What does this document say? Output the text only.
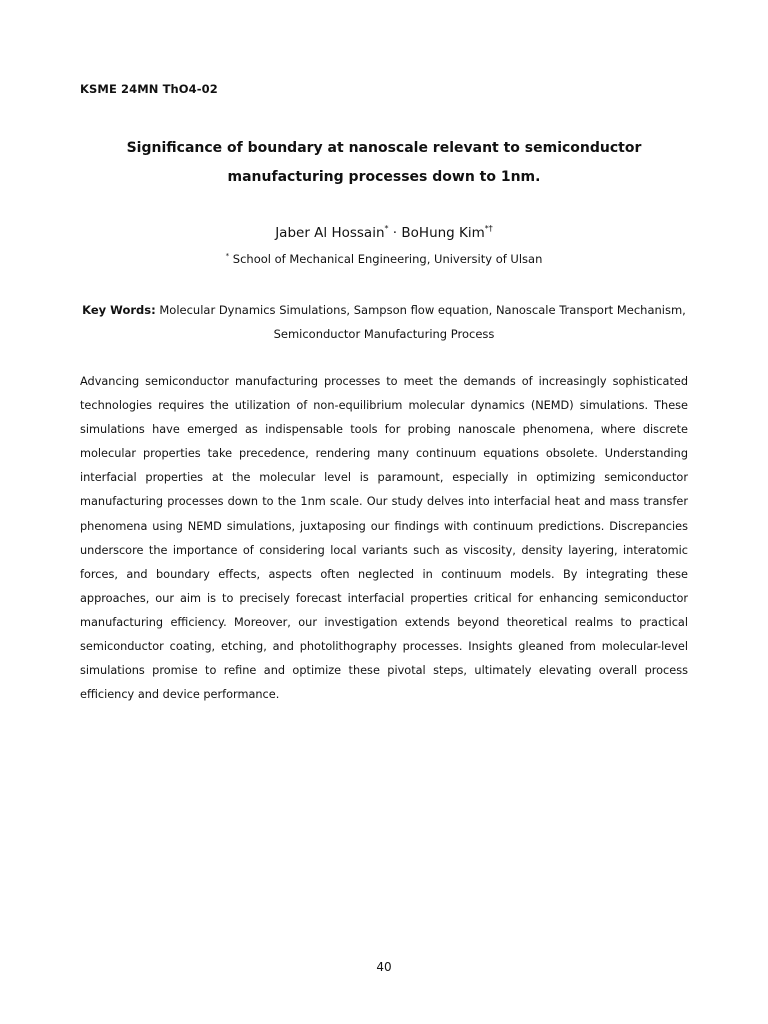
KSME 24MN ThO4-02
Significance of boundary at nanoscale relevant to semiconductor
manufacturing processes down to 1nm.
Jaber Al Hossain* · BoHung Kim*†
* School of Mechanical Engineering, University of Ulsan
Key Words: Molecular Dynamics Simulations, Sampson flow equation, Nanoscale Transport Mechanism,
Semiconductor Manufacturing Process

Advancing semiconductor manufacturing processes to meet the demands of increasingly sophisticated technologies requires the utilization of non-equilibrium molecular dynamics (NEMD) simulations. These simulations have emerged as indispensable tools for probing nanoscale phenomena, where discrete molecular properties take precedence, rendering many continuum equations obsolete. Understanding interfacial properties at the molecular level is paramount, especially in optimizing semiconductor manufacturing processes down to the 1nm scale. Our study delves into interfacial heat and mass transfer phenomena using NEMD simulations, juxtaposing our findings with continuum predictions. Discrepancies underscore the importance of considering local variants such as viscosity, density layering, interatomic forces, and boundary effects, aspects often neglected in continuum models. By integrating these approaches, our aim is to precisely forecast interfacial properties critical for enhancing semiconductor manufacturing efficiency. Moreover, our investigation extends beyond theoretical realms to practical semiconductor coating, etching, and photolithography processes. Insights gleaned from molecular-level simulations promise to refine and optimize these pivotal steps, ultimately elevating overall process efficiency and device performance.

40
